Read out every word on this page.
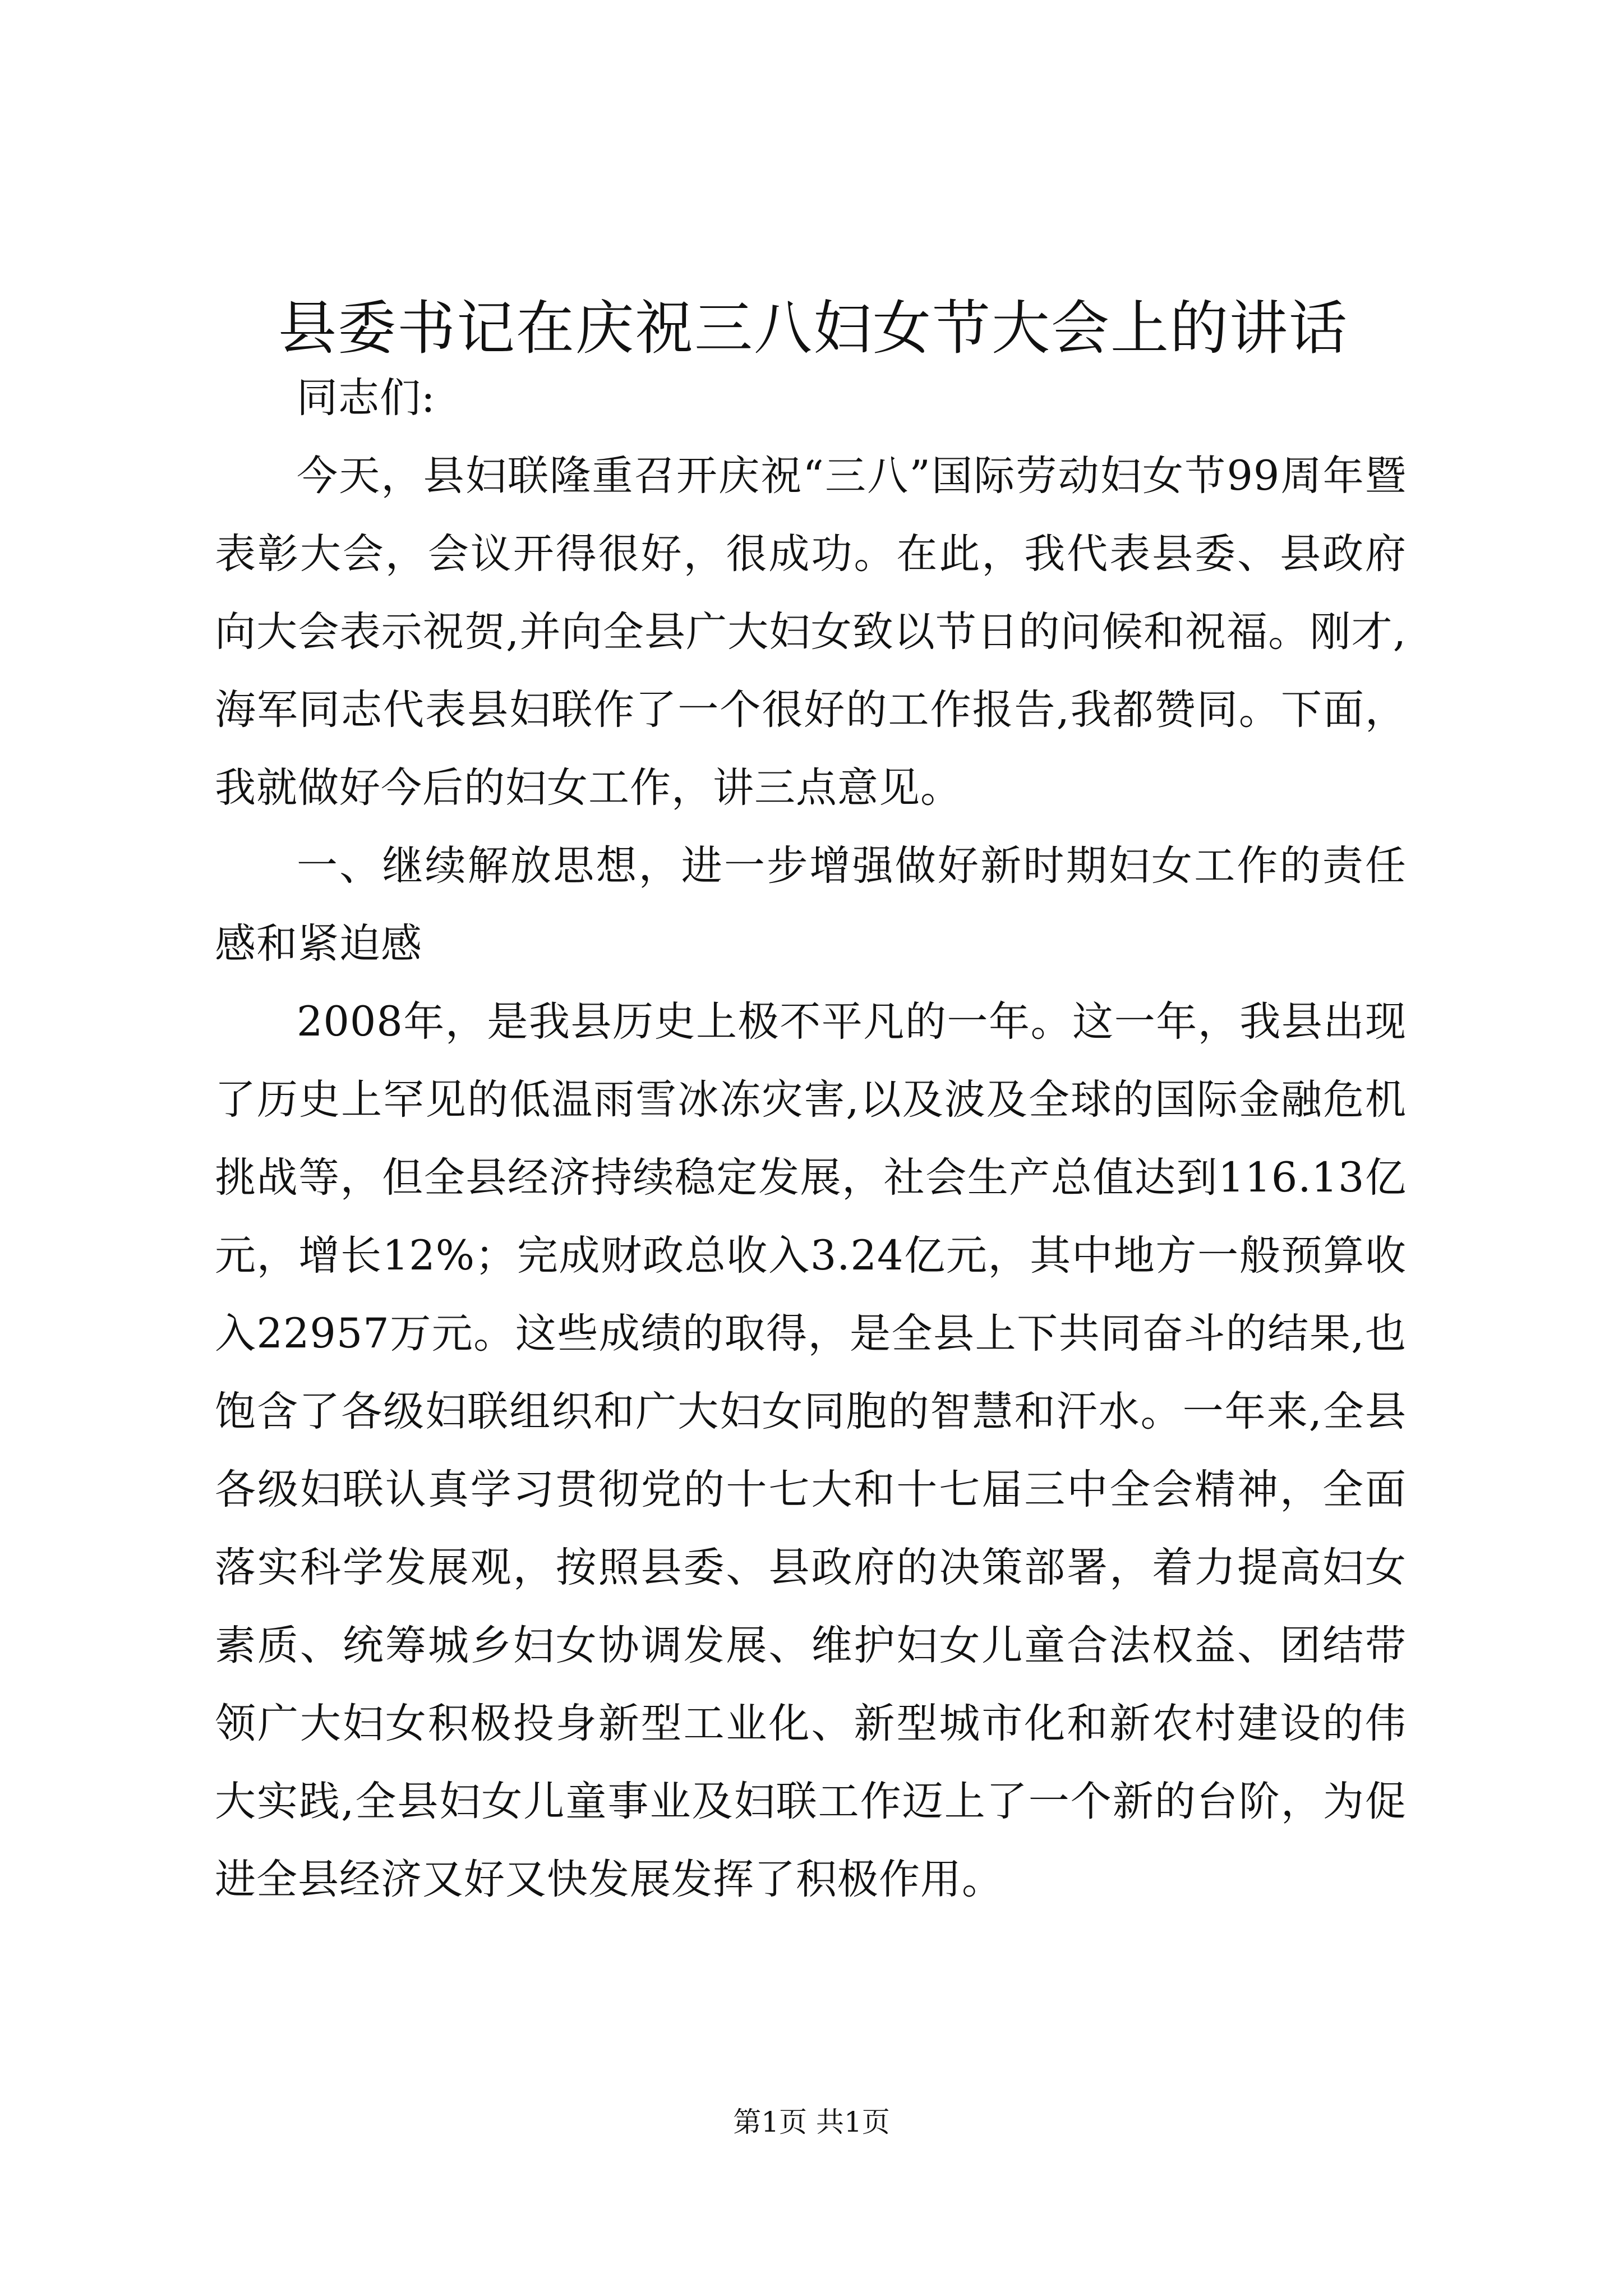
县委书记在庆祝三八妇女节大会上的讲话

同志们:

今天，县妇联隆重召开庆祝“三八”国际劳动妇女节99周年暨表彰大会，会议开得很好，很成功。在此，我代表县委、县政府向大会表示祝贺,并向全县广大妇女致以节日的问候和祝福。刚才,海军同志代表县妇联作了一个很好的工作报告,我都赞同。下面，我就做好今后的妇女工作，讲三点意见。

一、继续解放思想，进一步增强做好新时期妇女工作的责任感和紧迫感

2008年，是我县历史上极不平凡的一年。这一年，我县出现了历史上罕见的低温雨雪冰冻灾害,以及波及全球的国际金融危机挑战等，但全县经济持续稳定发展，社会生产总值达到116.13亿元，增长12%；完成财政总收入3.24亿元，其中地方一般预算收入22957万元。这些成绩的取得，是全县上下共同奋斗的结果,也饱含了各级妇联组织和广大妇女同胞的智慧和汗水。一年来,全县各级妇联认真学习贯彻党的十七大和十七届三中全会精神，全面落实科学发展观，按照县委、县政府的决策部署，着力提高妇女素质、统筹城乡妇女协调发展、维护妇女儿童合法权益、团结带领广大妇女积极投身新型工业化、新型城市化和新农村建设的伟大实践,全县妇女儿童事业及妇联工作迈上了一个新的台阶，为促进全县经济又好又快发展发挥了积极作用。

第1页 共1页
